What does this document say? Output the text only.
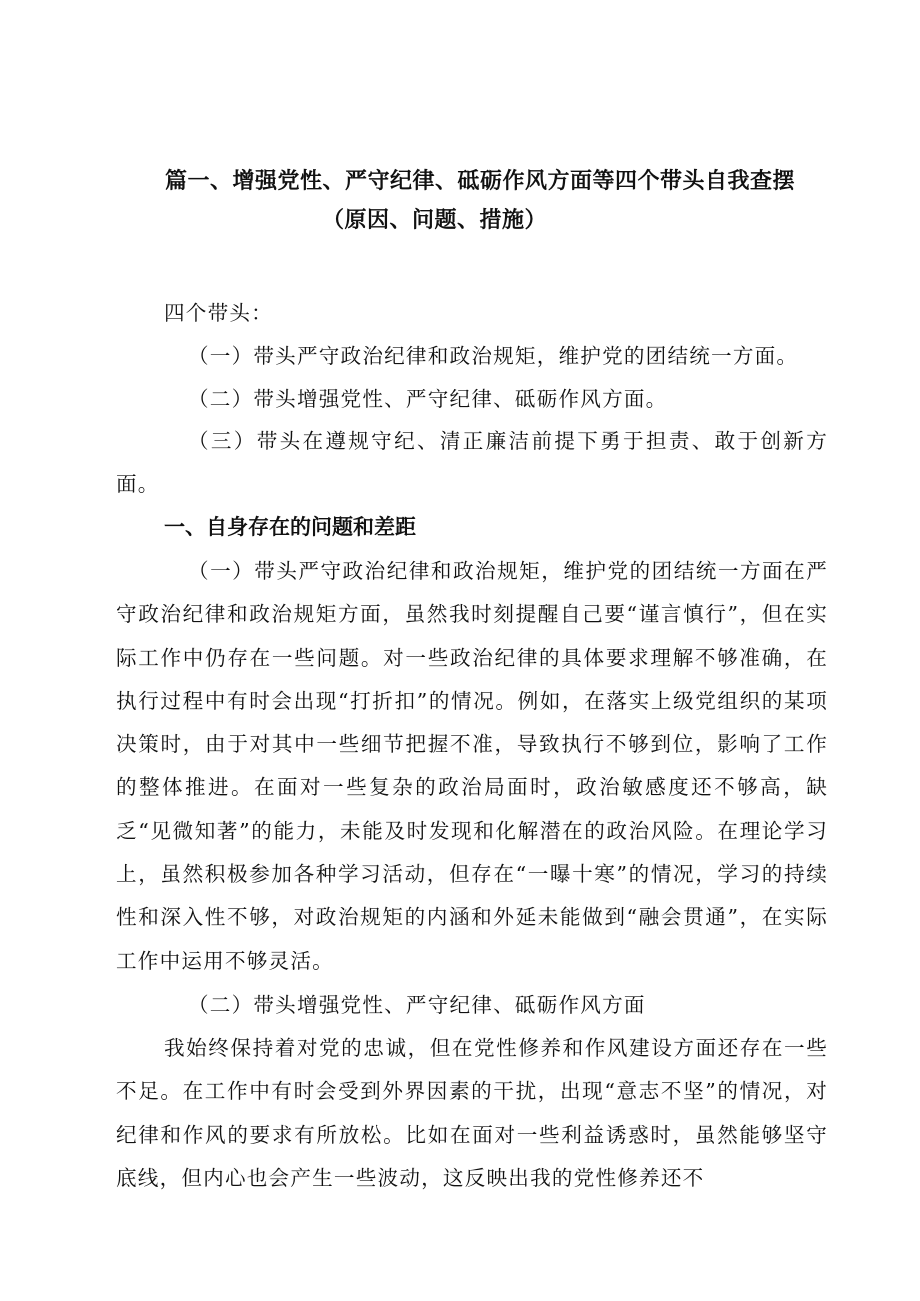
篇一、增强党性、严守纪律、砥砺作风方面等四个带头自我查摆
（原因、问题、措施）
四个带头：
（一）带头严守政治纪律和政治规矩，维护党的团结统一方面。
（二）带头增强党性、严守纪律、砥砺作风方面。

（三）带头在遵规守纪、清正廉洁前提下勇于担责、敢于创新方面。

一、自身存在的问题和差距

（一）带头严守政治纪律和政治规矩，维护党的团结统一方面在严守政治纪律和政治规矩方面，虽然我时刻提醒自己要“谨言慎行”，但在实际工作中仍存在一些问题。对一些政治纪律的具体要求理解不够准确，在执行过程中有时会出现“打折扣”的情况。例如，在落实上级党组织的某项决策时，由于对其中一些细节把握不准，导致执行不够到位，影响了工作的整体推进。在面对一些复杂的政治局面时，政治敏感度还不够高，缺乏“见微知著”的能力，未能及时发现和化解潜在的政治风险。在理论学习上，虽然积极参加各种学习活动，但存在“一曝十寒”的情况，学习的持续性和深入性不够，对政治规矩的内涵和外延未能做到“融会贯通”，在实际工作中运用不够灵活。

（二）带头增强党性、严守纪律、砥砺作风方面

我始终保持着对党的忠诚，但在党性修养和作风建设方面还存在一些不足。在工作中有时会受到外界因素的干扰，出现“意志不坚”的情况，对纪律和作风的要求有所放松。比如在面对一些利益诱惑时，虽然能够坚守底线，但内心也会产生一些波动，这反映出我的党性修养还不
